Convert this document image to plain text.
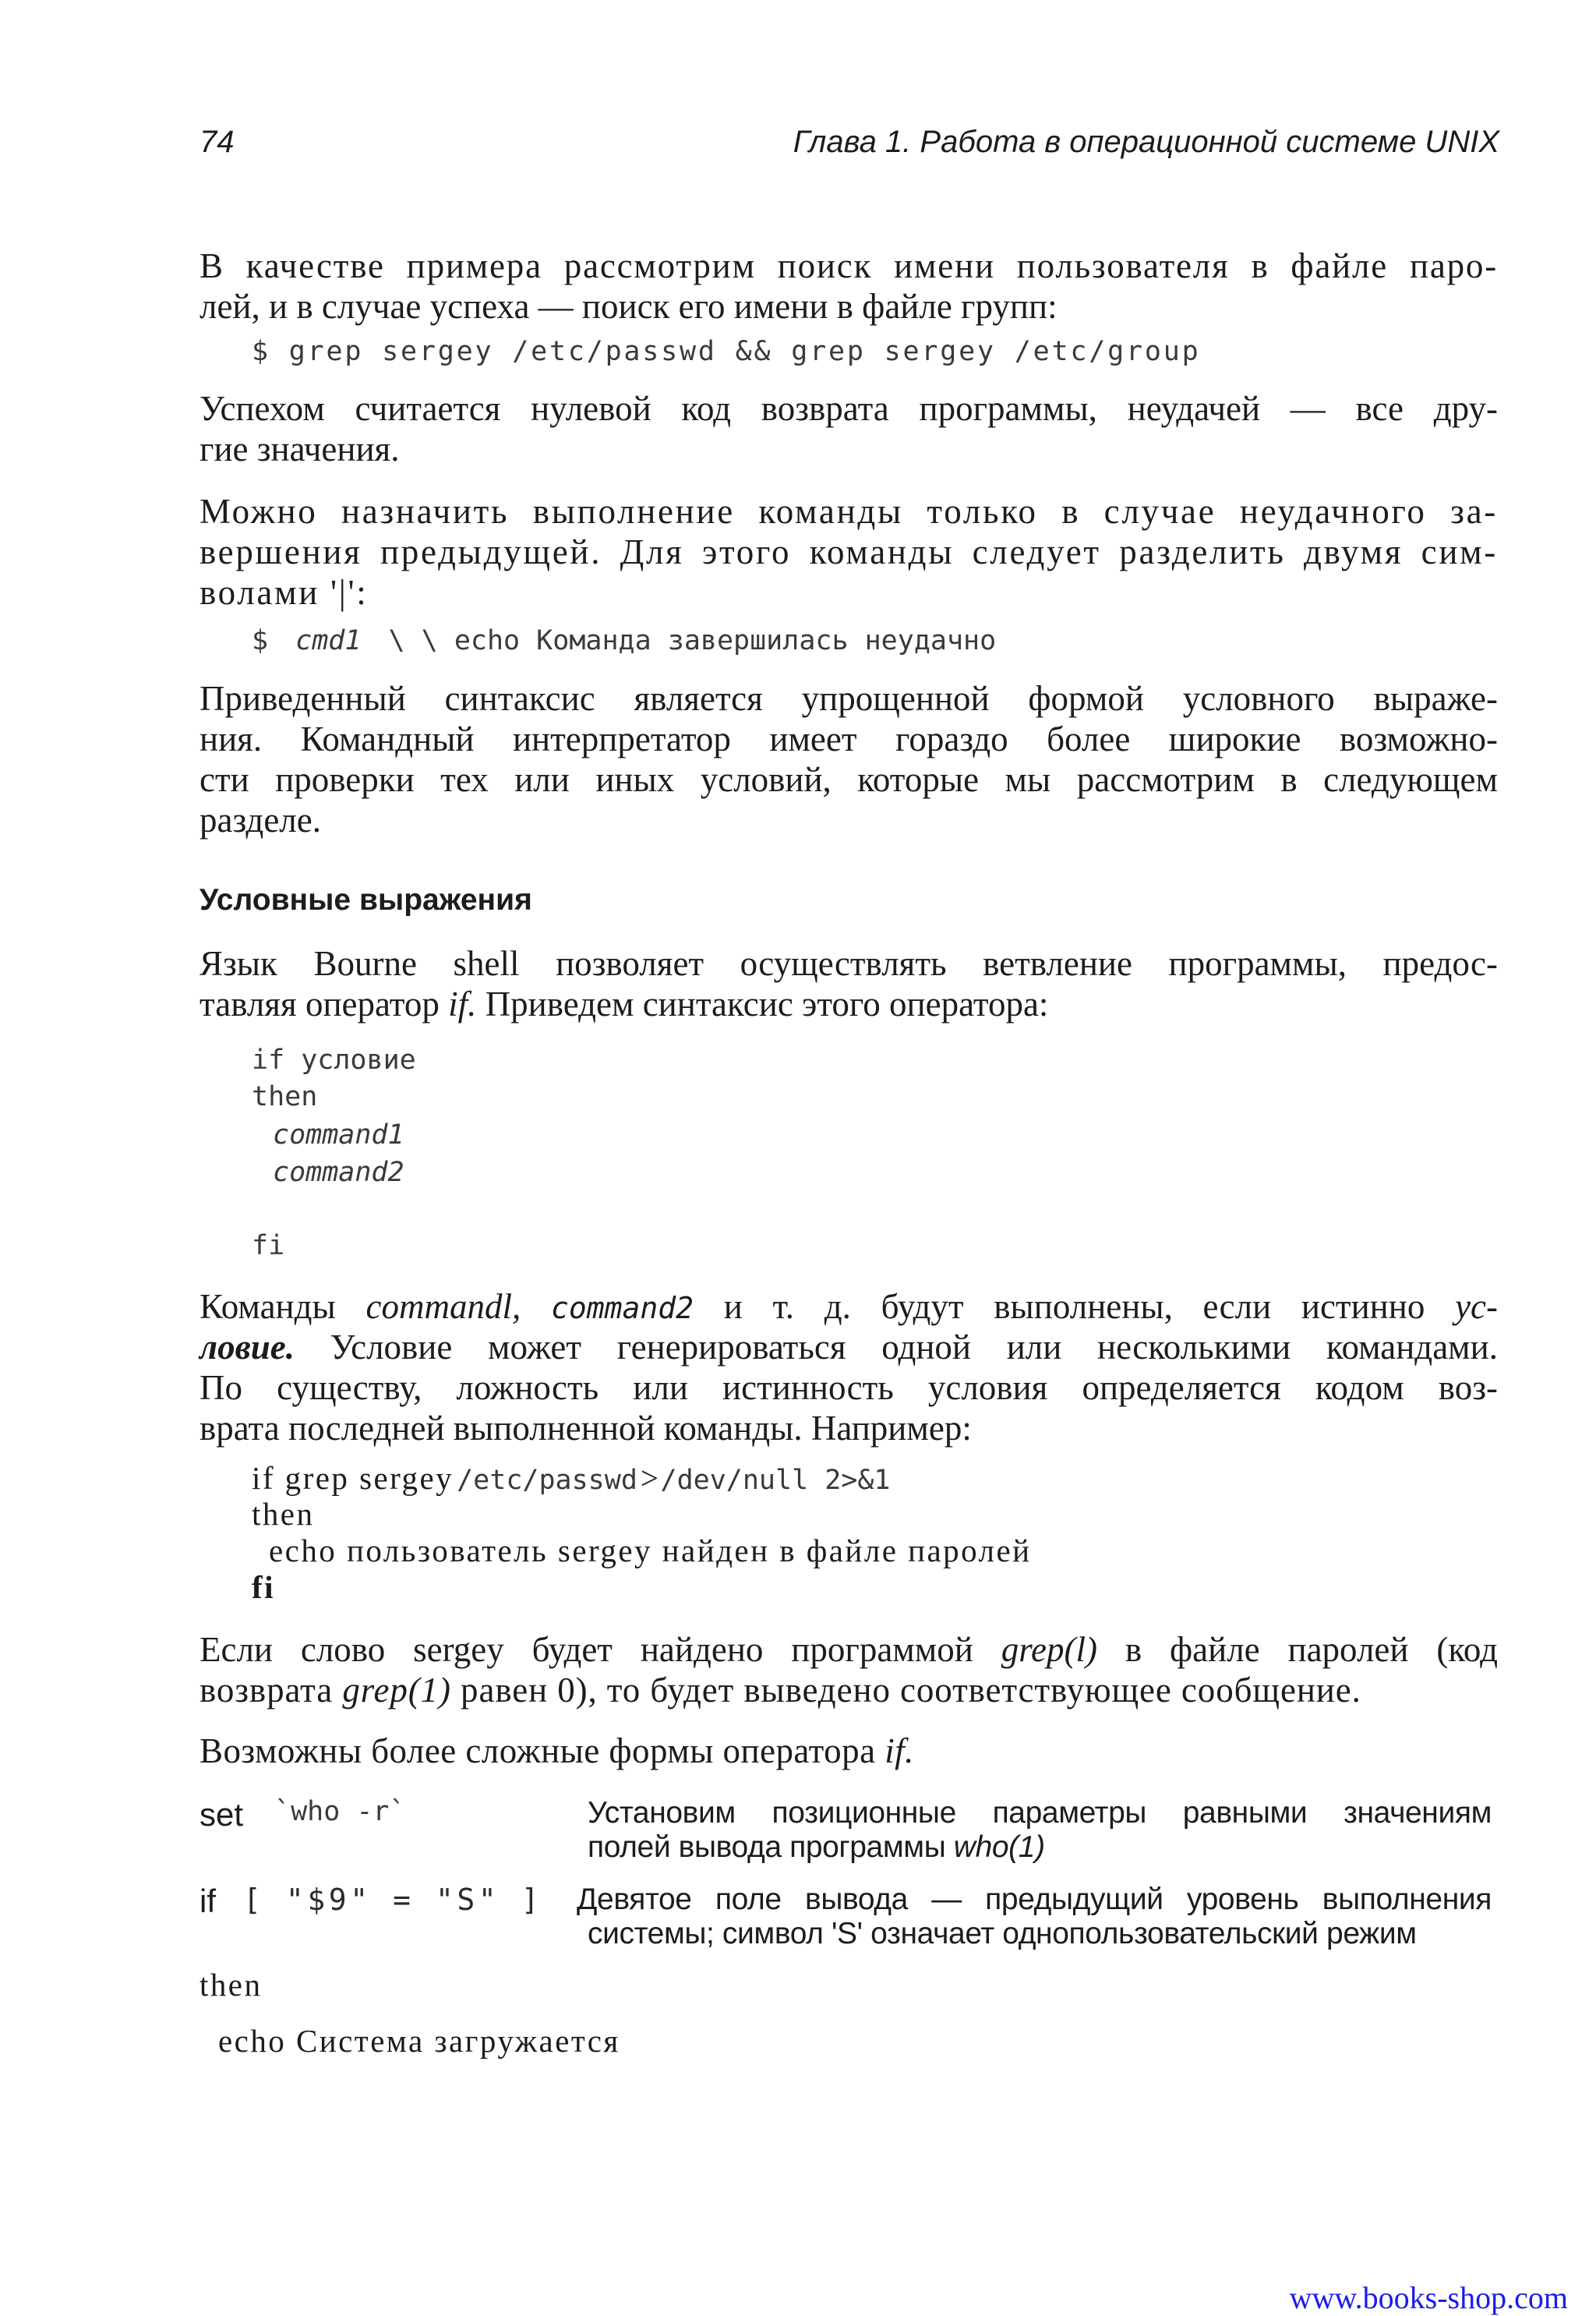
74	Глава 1. Работа в операционной системе UNIX
В качестве примера рассмотрим поиск имени пользователя в файле паро-
лей, и в случае успеха — поиск его имени в файле групп:
$ grep sergey /etc/passwd && grep sergey /etc/group
Успехом считается нулевой код возврата программы, неудачей — все дру-
гие значения.
Можно назначить выполнение команды только в случае неудачного за-
вершения предыдущей. Для этого команды следует разделить двумя сим-
волами '|':
$ cmd1 \ \ echo Команда завершилась неудачно
Приведенный синтаксис является упрощенной формой условного выраже-
ния. Командный интерпретатор имеет гораздо более широкие возможно-
сти проверки тех или иных условий, которые мы рассмотрим в следующем
разделе.
Условные выражения
Язык Bourne shell позволяет осуществлять ветвление программы, предос-
тавляя оператор if. Приведем синтаксис этого оператора:
if условие
then
command1
command2
fi
Команды commandl, command2 и т. д. будут выполнены, если истинно ус-
ловие. Условие может генерироваться одной или несколькими командами.
По существу, ложность или истинность условия определяется кодом воз-
врата последней выполненной команды. Например:
if grep sergey /etc/passwd >/dev/null 2>&1
then
echo пользователь sergey найден в файле паролей
fi
Если слово sergey будет найдено программой grep(l) в файле паролей (код
возврата grep(1) равен 0), то будет выведено соответствующее сообщение.
Возможны более сложные формы оператора if.
set `who -r`	Установим позиционные параметры равными значениям
полей вывода программы who(1)
if [ "$9" = "S" ] Девятое поле вывода — предыдущий уровень выполнения
системы; символ 'S' означает однопользовательский режим
then
echo Система загружается
www.books-shop.com
